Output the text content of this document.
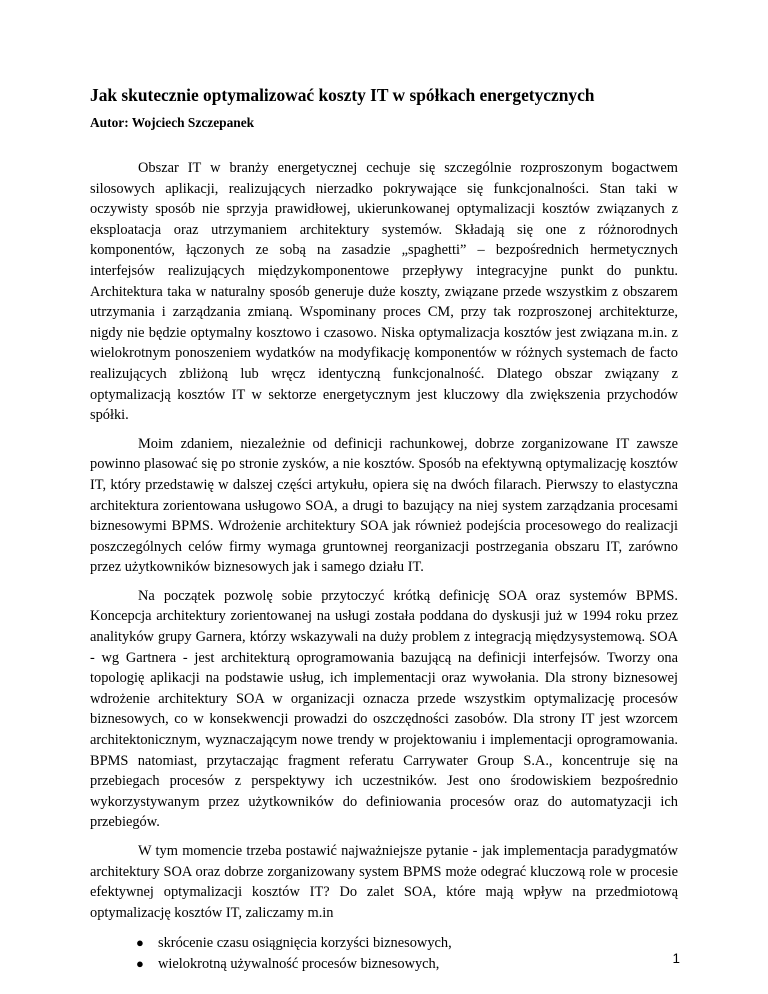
Jak skutecznie optymalizować koszty IT w spółkach energetycznych
Autor: Wojciech Szczepanek

Obszar IT w branży energetycznej cechuje się szczególnie rozproszonym bogactwem silosowych aplikacji, realizujących nierzadko pokrywające się funkcjonalności. Stan taki w oczywisty sposób nie sprzyja prawidłowej, ukierunkowanej optymalizacji kosztów związanych z eksploatacja oraz utrzymaniem architektury systemów. Składają się one z różnorodnych komponentów, łączonych ze sobą na zasadzie „spaghetti” – bezpośrednich hermetycznych interfejsów realizujących międzykomponentowe przepływy integracyjne punkt do punktu. Architektura taka w naturalny sposób generuje duże koszty, związane przede wszystkim z obszarem utrzymania i zarządzania zmianą. Wspominany proces CM, przy tak rozproszonej architekturze, nigdy nie będzie optymalny kosztowo i czasowo. Niska optymalizacja kosztów jest związana m.in. z wielokrotnym ponoszeniem wydatków na modyfikację komponentów w różnych systemach de facto realizujących zbliżoną lub wręcz identyczną funkcjonalność. Dlatego obszar związany z optymalizacją kosztów IT w sektorze energetycznym jest kluczowy dla zwiększenia przychodów spółki.

Moim zdaniem, niezależnie od definicji rachunkowej, dobrze zorganizowane IT zawsze powinno plasować się po stronie zysków, a nie kosztów. Sposób na efektywną optymalizację kosztów IT, który przedstawię w dalszej części artykułu, opiera się na dwóch filarach. Pierwszy to elastyczna architektura zorientowana usługowo SOA, a drugi to bazujący na niej system zarządzania procesami biznesowymi BPMS. Wdrożenie architektury SOA jak również podejścia procesowego do realizacji poszczególnych celów firmy wymaga gruntownej reorganizacji postrzegania obszaru IT, zarówno przez użytkowników biznesowych jak i samego działu IT.

Na początek pozwolę sobie przytoczyć krótką definicję SOA oraz systemów BPMS. Koncepcja architektury zorientowanej na usługi została poddana do dyskusji już w 1994 roku przez analityków grupy Garnera, którzy wskazywali na duży problem z integracją międzysystemową. SOA - wg Gartnera - jest architekturą oprogramowania bazującą na definicji interfejsów. Tworzy ona topologię aplikacji na podstawie usług, ich implementacji oraz wywołania. Dla strony biznesowej wdrożenie architektury SOA w organizacji oznacza przede wszystkim optymalizację procesów biznesowych, co w konsekwencji prowadzi do oszczędności zasobów. Dla strony IT jest wzorcem architektonicznym, wyznaczającym nowe trendy w projektowaniu i implementacji oprogramowania. BPMS natomiast, przytaczając fragment referatu Carrywater Group S.A., koncentruje się na przebiegach procesów z perspektywy ich uczestników. Jest ono środowiskiem bezpośrednio wykorzystywanym przez użytkowników do definiowania procesów oraz do automatyzacji ich przebiegów.

W tym momencie trzeba postawić najważniejsze pytanie - jak implementacja paradygmatów architektury SOA oraz dobrze zorganizowany system BPMS może odegrać kluczową role w procesie efektywnej optymalizacji kosztów IT? Do zalet SOA, które mają wpływ na przedmiotową optymalizację kosztów IT, zaliczamy m.in

● skrócenie czasu osiągnięcia korzyści biznesowych,
● wielokrotną używalność procesów biznesowych,	1
